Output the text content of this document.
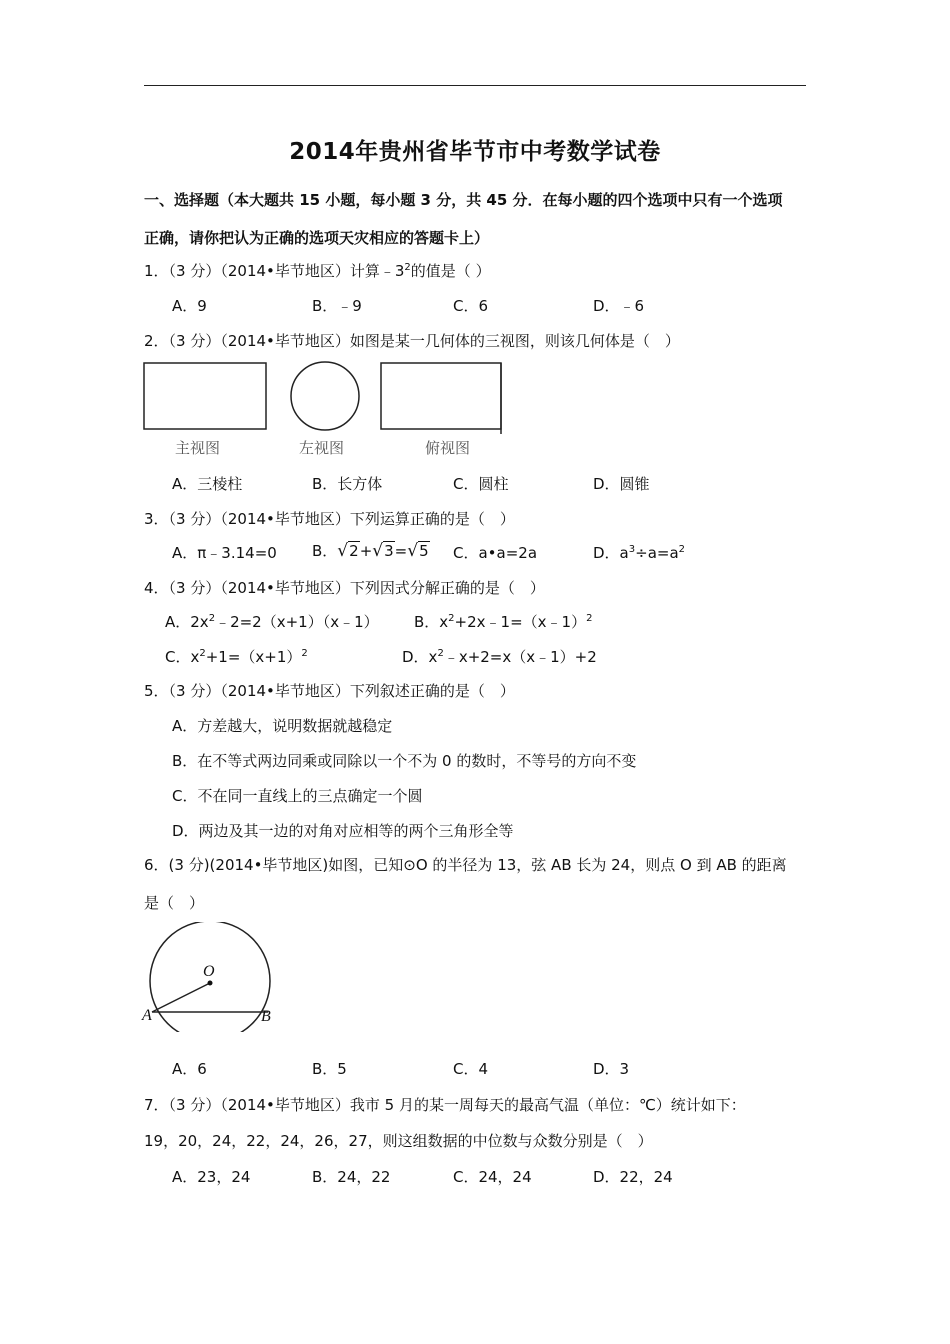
2014年贵州省毕节市中考数学试卷
一、选择题（本大题共 15 小题，每小题 3 分，共 45 分．在每小题的四个选项中只有一个选项
正确，请你把认为正确的选项天灾相应的答题卡上）
1．（3 分）（2014•毕节地区）计算$﹣3^2$的值是（ ）
A．9	B．﹣9	C．6	D．﹣6
2．（3 分）（2014•毕节地区）如图是某一几何体的三视图，则该几何体是（　）
主视图	左视图	俯视图
A．三棱柱	B．长方体	C．圆柱	D．圆锥
3．（3 分）（2014•毕节地区）下列运算正确的是（　）
A．π﹣3.14=0 B．√2+√3=√5 C．a•a=2a	D．$a^3\div a=a^2$
4．（3 分）（2014•毕节地区）下列因式分解正确的是（　）
A．$2x^2﹣2=2(x+1)(x﹣1)$ B．$x^2+2x﹣1=(x﹣1)^2$
C．$x^2+1=(x+1)^2$	D．$x^2﹣x+2=x(x﹣1)+2$
5．（3 分）（2014•毕节地区）下列叙述正确的是（　）
A．方差越大，说明数据就越稳定
B．在不等式两边同乘或同除以一个不为 0 的数时，不等号的方向不变
C．不在同一直线上的三点确定一个圆
D．两边及其一边的对角对应相等的两个三角形全等
6．(3 分)(2014•毕节地区)如图，已知⊙O 的半径为 13，弦 AB 长为 24，则点 O 到 AB 的距离
是（　）
O
A	B
A．6	B．5	C．4	D．3
7．（3 分）（2014•毕节地区）我市 5 月的某一周每天的最高气温（单位：℃）统计如下：
19，20，24，22，24，26，27，则这组数据的中位数与众数分别是（　）
A．23，24	B．24，22	C．24，24	D．22，24
